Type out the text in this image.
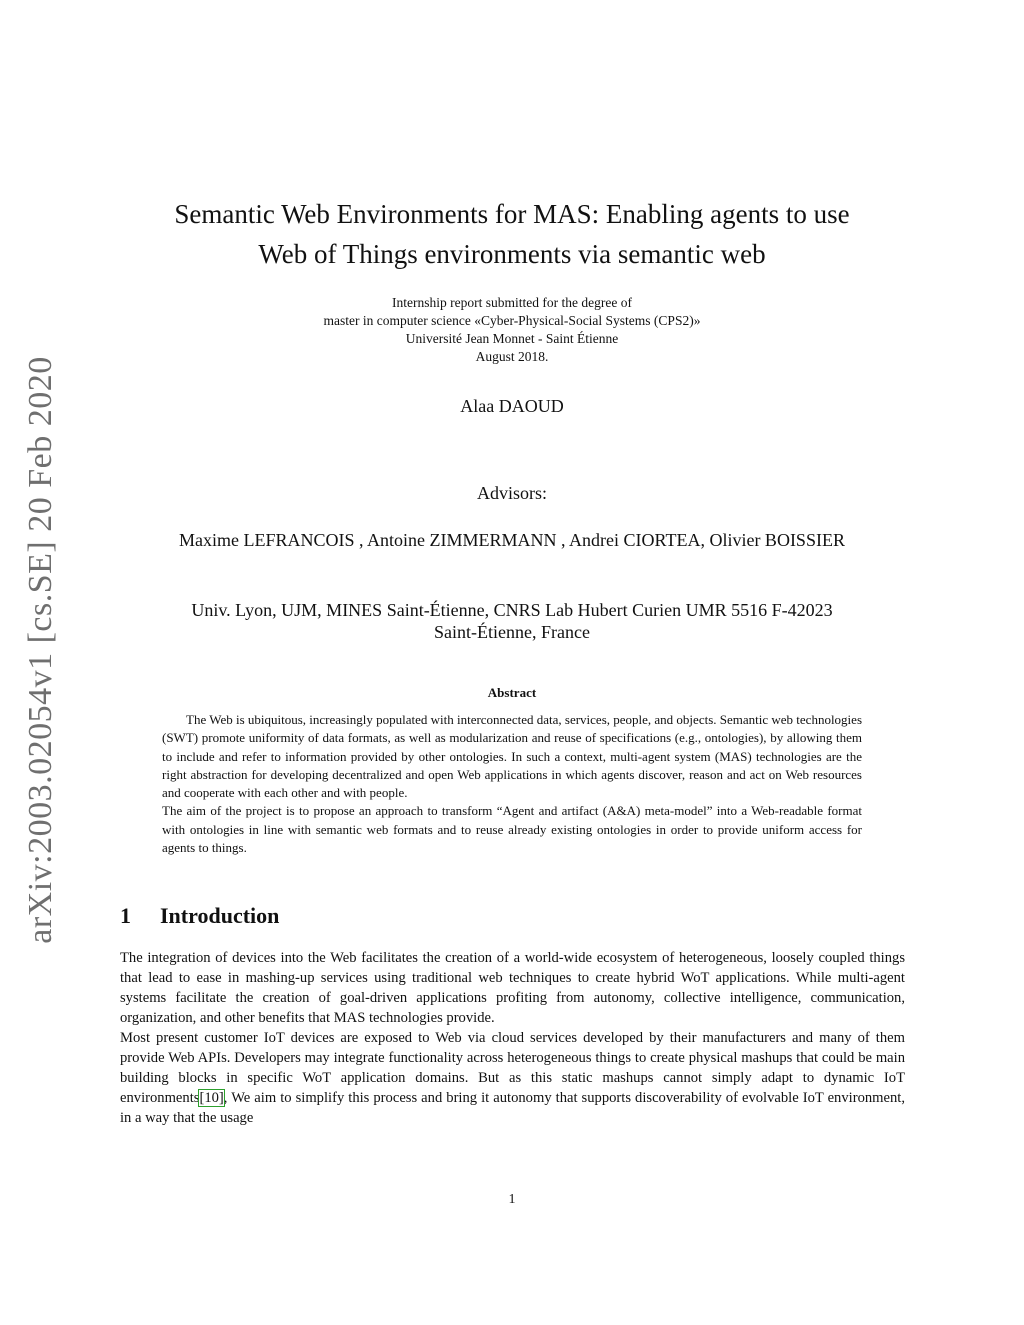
arXiv:2003.02054v1 [cs.SE] 20 Feb 2020
Semantic Web Environments for MAS: Enabling agents to use
Web of Things environments via semantic web
Internship report submitted for the degree of
master in computer science «Cyber-Physical-Social Systems (CPS2)»
Université Jean Monnet - Saint Étienne
August 2018.
Alaa DAOUD
Advisors:
Maxime LEFRANCOIS , Antoine ZIMMERMANN , Andrei CIORTEA, Olivier BOISSIER
Univ. Lyon, UJM, MINES Saint-Étienne, CNRS Lab Hubert Curien UMR 5516 F-42023
Saint-Étienne, France
Abstract

The Web is ubiquitous, increasingly populated with interconnected data, services, people, and objects. Semantic web technologies (SWT) promote uniformity of data formats, as well as modularization and reuse of specifications (e.g., ontologies), by allowing them to include and refer to information provided by other ontologies. In such a context, multi-agent system (MAS) technologies are the right abstraction for developing decentralized and open Web applications in which agents discover, reason and act on Web resources and cooperate with each other and with people.

The aim of the project is to propose an approach to transform “Agent and artifact (A&A) meta-model” into a Web-readable format with ontologies in line with semantic web formats and to reuse already existing ontologies in order to provide uniform access for agents to things.

1 Introduction

The integration of devices into the Web facilitates the creation of a world-wide ecosystem of heterogeneous, loosely coupled things that lead to ease in mashing-up services using traditional web techniques to create hybrid WoT applications. While multi-agent systems facilitate the creation of goal-driven applications profiting from autonomy, collective intelligence, communication, organization, and other benefits that MAS technologies provide.

Most present customer IoT devices are exposed to Web via cloud services developed by their manufacturers and many of them provide Web APIs. Developers may integrate functionality across heterogeneous things to create physical mashups that could be main building blocks in specific WoT application domains. But as this static mashups cannot simply adapt to dynamic IoT environments[10], We aim to simplify this process and bring it autonomy that supports discoverability of evolvable IoT environment, in a way that the usage

1
